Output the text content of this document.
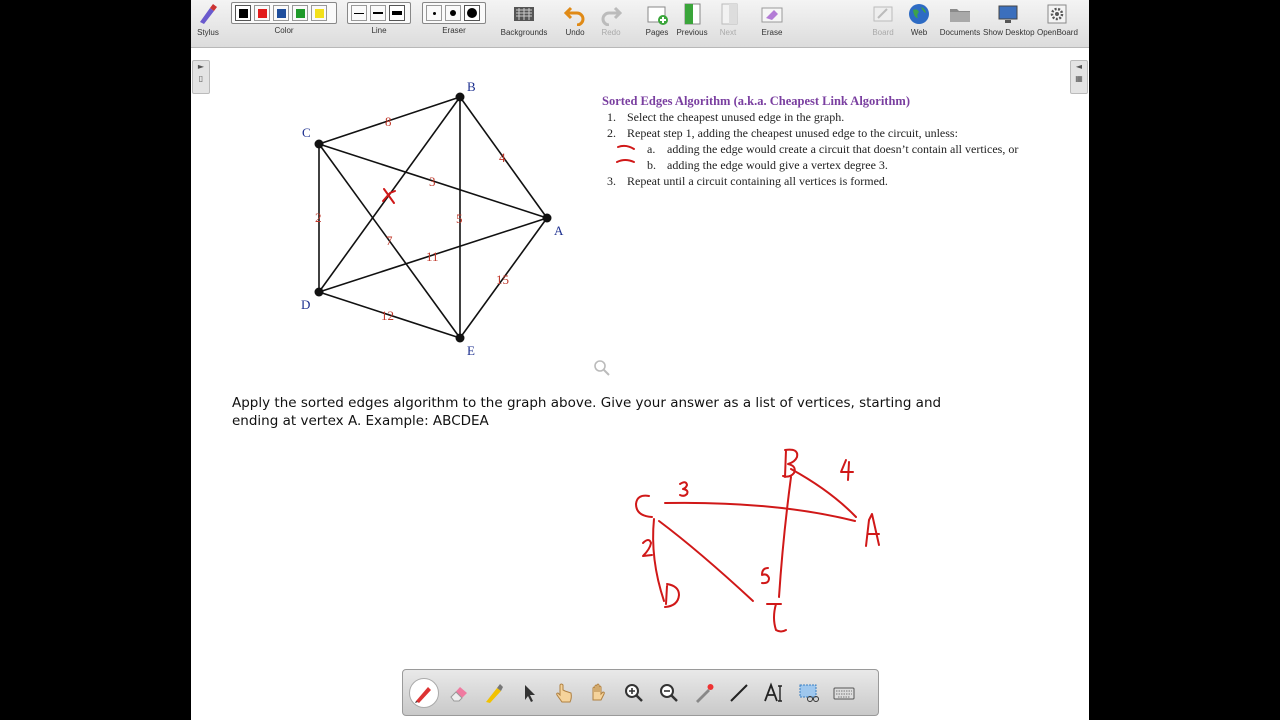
Stylus	Color	Line	Eraser	Backgrounds	Undo	Redo	Pages	Previous	Next	Erase	Board	Web	Documents Show Desktop OpenBoard
►
▯
◄
▦
B
C
A
D
E
8
4
3
2	5
7
11
15
12
Sorted Edges Algorithm (a.k.a. Cheapest Link Algorithm)
1. Select the cheapest unused edge in the graph.
2. Repeat step 1, adding the cheapest unused edge to the circuit, unless:
a. adding the edge would create a circuit that doesn’t contain all vertices, or
b. adding the edge would give a vertex degree 3.
3. Repeat until a circuit containing all vertices is formed.
Apply the sorted edges algorithm to the graph above. Give your answer as a list of vertices, starting and
ending at vertex A. Example: ABCDEA
